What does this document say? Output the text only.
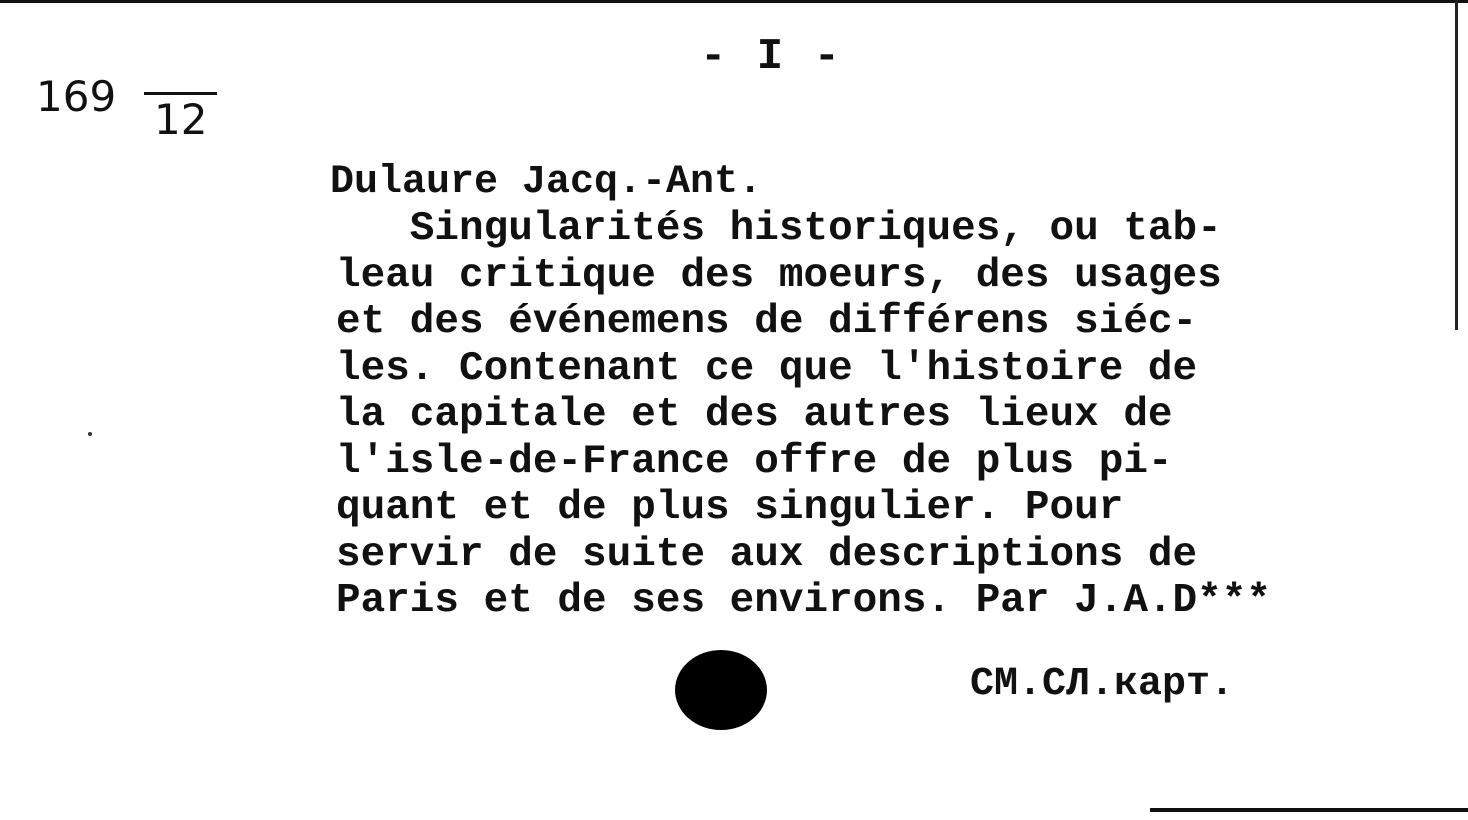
169 12
- I -
Dulaure Jacq.-Ant.
Singularités historiques, ou tab-
leau critique des moeurs, des usages
et des événemens de différens siéc-
les. Contenant ce que l'histoire de
la capitale et des autres lieux de
l'isle-de-France offre de plus pi-
quant et de plus singulier. Pour
servir de suite aux descriptions de
Paris et de ses environs. Par J.A.D***
СМ.СЛ.карт.
